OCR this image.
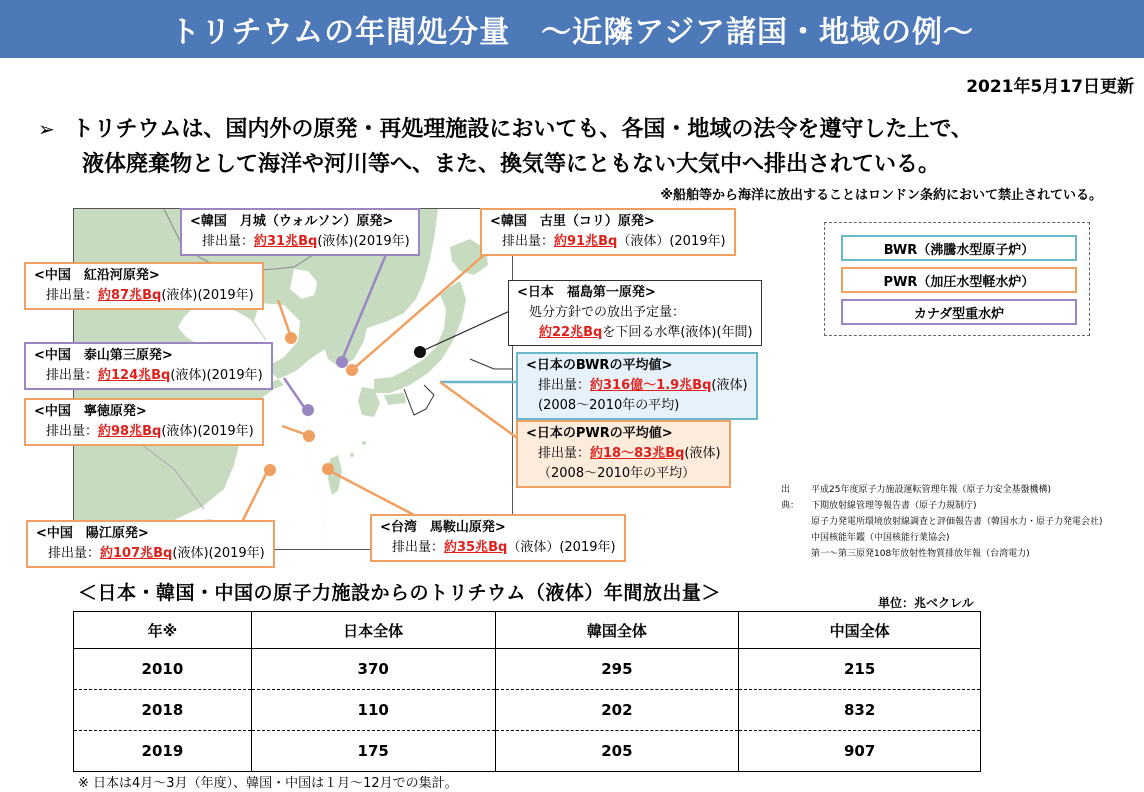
トリチウムの年間処分量　～近隣アジア諸国・地域の例～
2021年5月17日更新
➢ トリチウムは、国内外の原発・再処理施設においても、各国・地域の法令を遵守した上で、
液体廃棄物として海洋や河川等へ、また、換気等にともない大気中へ排出されている。
※船舶等から海洋に放出することはロンドン条約において禁止されている。
<韓国　月城（ウォルソン）原発>
排出量：約31兆Bq(液体)(2019年)
<韓国　古里（コリ）原発>
排出量：約91兆Bq（液体）(2019年)
<中国　紅沿河原発>
排出量：約87兆Bq(液体)(2019年)	<日本　福島第一原発>
処分方針での放出予定量：
約22兆Bqを下回る水準(液体)(年間)
<中国　泰山第三原発>
排出量：約124兆Bq(液体)(2019年)
<日本のBWRの平均値>
排出量：約316億～1.9兆Bq(液体)
(2008～2010年の平均)
<中国　寧徳原発>
排出量：約98兆Bq(液体)(2019年)	<日本のPWRの平均値>
排出量：約18～83兆Bq(液体)
（2008～2010年の平均）
<中国　陽江原発>
排出量：約107兆Bq(液体)(2019年)
<台湾　馬鞍山原発>
排出量：約35兆Bq（液体）(2019年)
BWR（沸騰水型原子炉）
PWR（加圧水型軽水炉）
カナダ型重水炉
出典：
平成25年度原子力施設運転管理年報（原子力安全基盤機構)
下期放射線管理等報告書（原子力規制庁)
原子力発電所環境放射線調査と評価報告書（韓国水力・原子力発電会社)
中国核能年鑑（中国核能行業協会)
第一～第三原発108年放射性物質排放年報（台湾電力)
＜日本・韓国・中国の原子力施設からのトリチウム（液体）年間放出量＞	単位：兆ベクレル
年※	日本全体	韓国全体	中国全体
2010	370	295	215
2018	110	202	832
2019	175	205	907
※ 日本は4月～3月（年度）、韓国・中国は１月～12月での集計。
